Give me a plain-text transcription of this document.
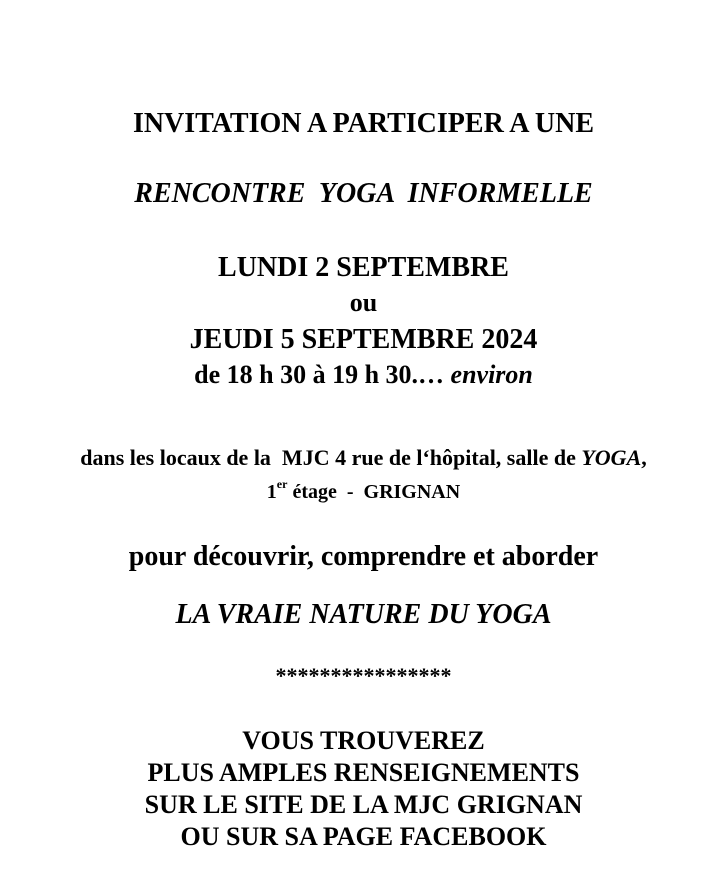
INVITATION A PARTICIPER A UNE
RENCONTRE  YOGA  INFORMELLE
LUNDI 2 SEPTEMBRE
ou
JEUDI 5 SEPTEMBRE 2024
de 18 h 30 à 19 h 30.… environ
dans les locaux de la  MJC 4 rue de l‘hôpital, salle de YOGA,
1er étage  -  GRIGNAN
pour découvrir, comprendre et aborder
LA VRAIE NATURE DU YOGA
****************
VOUS TROUVEREZ
PLUS AMPLES RENSEIGNEMENTS
SUR LE SITE DE LA MJC GRIGNAN
OU SUR SA PAGE FACEBOOK
